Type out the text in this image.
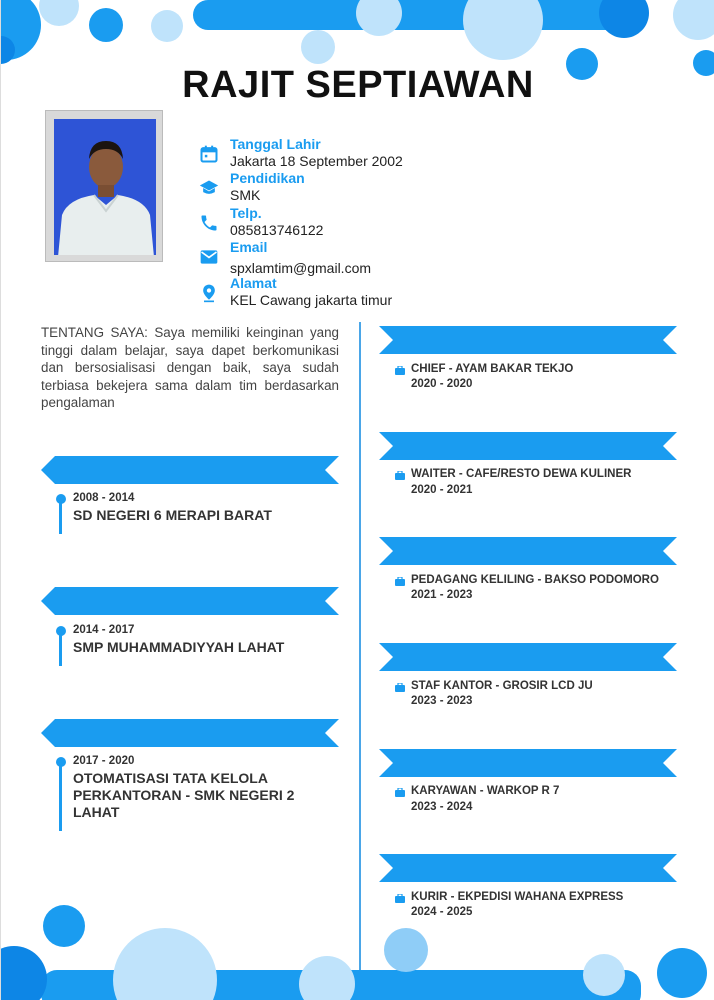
RAJIT SEPTIAWAN
Tanggal Lahir
Jakarta 18 September 2002
Pendidikan
SMK
Telp.
085813746122
Email
spxlamtim@gmail.com
Alamat
KEL Cawang jakarta timur
TENTANG SAYA: Saya memiliki keinginan yang tinggi dalam belajar, saya dapet berkomunikasi dan bersosialisasi dengan baik, saya sudah terbiasa bekejera sama dalam tim berdasarkan pengalaman
2008 - 2014
SD NEGERI 6 MERAPI BARAT
2014 - 2017
SMP MUHAMMADIYYAH LAHAT
2017 - 2020
OTOMATISASI TATA KELOLA PERKANTORAN - SMK NEGERI 2 LAHAT
CHIEF - AYAM BAKAR TEKJO
2020 - 2020
WAITER - CAFE/RESTO DEWA KULINER
2020 - 2021
PEDAGANG KELILING - BAKSO PODOMORO
2021 - 2023
STAF KANTOR - GROSIR LCD JU
2023 - 2023
KARYAWAN - WARKOP R 7
2023 - 2024
KURIR - EKPEDISI WAHANA EXPRESS
2024 - 2025
